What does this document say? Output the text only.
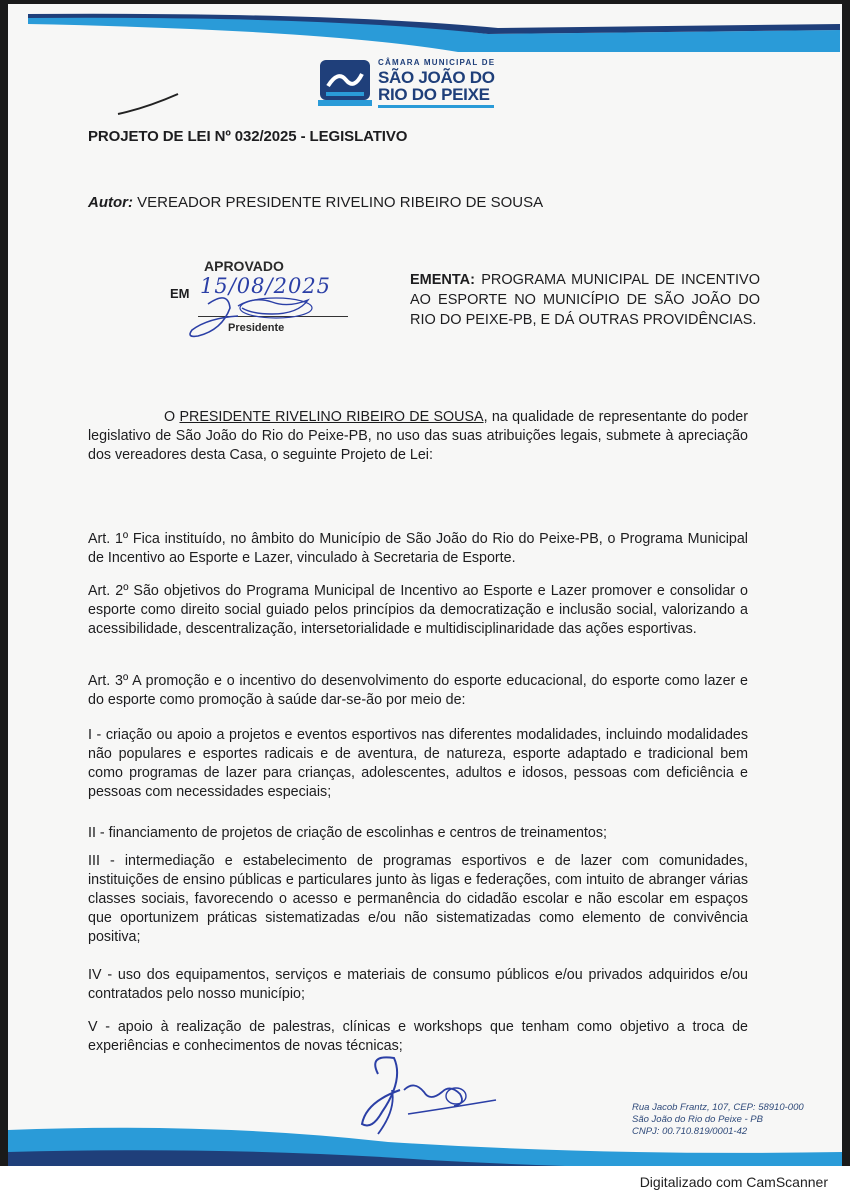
CÂMARA MUNICIPAL DE
SÃO JOÃO DO
RIO DO PEIXE
PROJETO DE LEI Nº 032/2025 - LEGISLATIVO
Autor: VEREADOR PRESIDENTE RIVELINO RIBEIRO DE SOUSA
APROVADO
EM 15/08/2025
Presidente
EMENTA: PROGRAMA MUNICIPAL DE INCENTIVO AO ESPORTE NO MUNICÍPIO DE SÃO JOÃO DO RIO DO PEIXE-PB, E DÁ OUTRAS PROVIDÊNCIAS.
O PRESIDENTE RIVELINO RIBEIRO DE SOUSA, na qualidade de representante do poder legislativo de São João do Rio do Peixe-PB, no uso das suas atribuições legais, submete à apreciação dos vereadores desta Casa, o seguinte Projeto de Lei:
Art. 1º Fica instituído, no âmbito do Município de São João do Rio do Peixe-PB, o Programa Municipal de Incentivo ao Esporte e Lazer, vinculado à Secretaria de Esporte.
Art. 2º São objetivos do Programa Municipal de Incentivo ao Esporte e Lazer promover e consolidar o esporte como direito social guiado pelos princípios da democratização e inclusão social, valorizando a acessibilidade, descentralização, intersetorialidade e multidisciplinaridade das ações esportivas.
Art. 3º A promoção e o incentivo do desenvolvimento do esporte educacional, do esporte como lazer e do esporte como promoção à saúde dar-se-ão por meio de:
I - criação ou apoio a projetos e eventos esportivos nas diferentes modalidades, incluindo modalidades não populares e esportes radicais e de aventura, de natureza, esporte adaptado e tradicional bem como programas de lazer para crianças, adolescentes, adultos e idosos, pessoas com deficiência e pessoas com necessidades especiais;
II - financiamento de projetos de criação de escolinhas e centros de treinamentos;
III - intermediação e estabelecimento de programas esportivos e de lazer com comunidades, instituições de ensino públicas e particulares junto às ligas e federações, com intuito de abranger várias classes sociais, favorecendo o acesso e permanência do cidadão escolar e não escolar em espaços que oportunizem práticas sistematizadas e/ou não sistematizadas como elemento de convivência positiva;
IV - uso dos equipamentos, serviços e materiais de consumo públicos e/ou privados adquiridos e/ou contratados pelo nosso município;
V - apoio à realização de palestras, clínicas e workshops que tenham como objetivo a troca de experiências e conhecimentos de novas técnicas;
Rua Jacob Frantz, 107, CEP: 58910-000
São João do Rio do Peixe - PB
CNPJ: 00.710.819/0001-42
Digitalizado com CamScanner
